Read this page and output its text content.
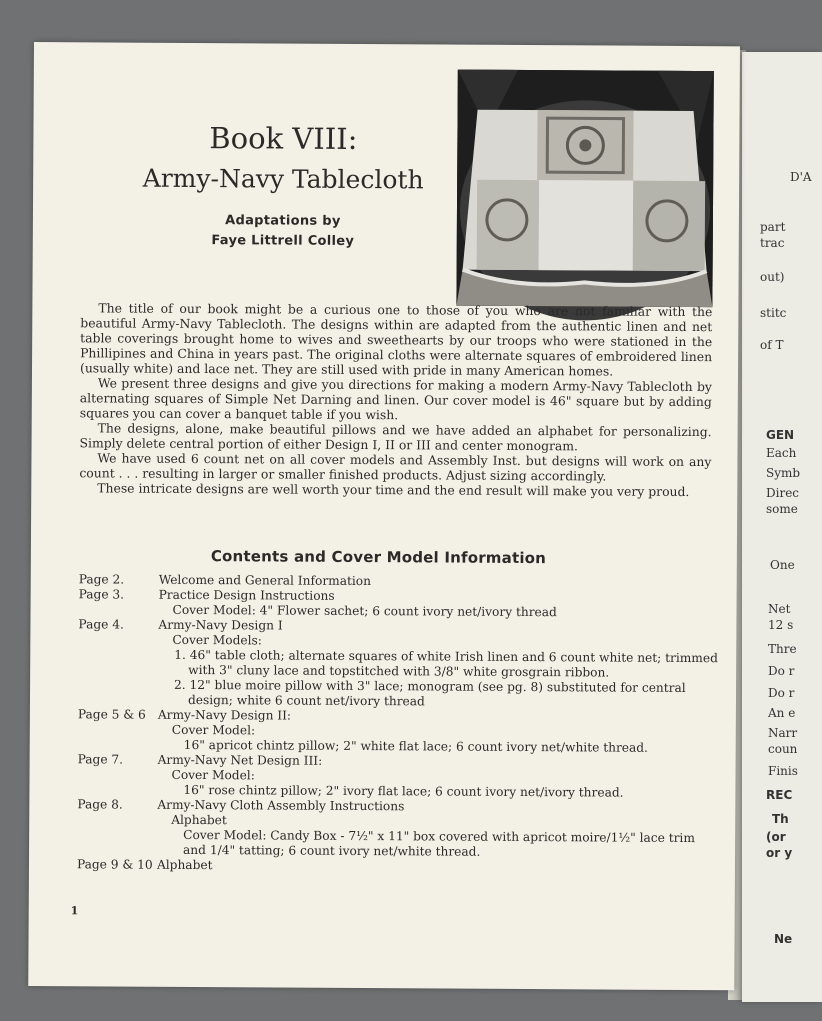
D'A
part
trac
out)
stitc
of T
GEN
Each
Symb
Direc
some
One
Net
12 s
Thre
Do r
Do r
An e
Narr
coun
Finis
REC
Th
(or
or y
Ne
Book VIII:
Army-Navy Tablecloth
Adaptations by
Faye Littrell Colley

The title of our book might be a curious one to those of you who are not familiar with the beautiful Army-Navy Tablecloth. The designs within are adapted from the authentic linen and net table coverings brought home to wives and sweethearts by our troops who were stationed in the Phillipines and China in years past. The original cloths were alternate squares of embroidered linen (usually white) and lace net. They are still used with pride in many American homes.

We present three designs and give you directions for making a modern Army-Navy Tablecloth by alternating squares of Simple Net Darning and linen. Our cover model is 46" square but by adding squares you can cover a banquet table if you wish.

The designs, alone, make beautiful pillows and we have added an alphabet for personalizing. Simply delete central portion of either Design I, II or III and center monogram.

We have used 6 count net on all cover models and Assembly Inst. but designs will work on any count . . . resulting in larger or smaller finished products. Adjust sizing accordingly.

These intricate designs are well worth your time and the end result will make you very proud.

Contents and Cover Model Information
Page 2.	Welcome and General Information
Page 3.	Practice Design Instructions
Cover Model: 4" Flower sachet; 6 count ivory net/ivory thread
Page 4.	Army-Navy Design I
Cover Models:
1. 46" table cloth; alternate squares of white Irish linen and 6 count white net; trimmed with 3" cluny lace and topstitched with 3/8" white grosgrain ribbon.
2. 12" blue moire pillow with 3" lace; monogram (see pg. 8) substituted for central design; white 6 count net/ivory thread
Page 5 & 6 Army-Navy Design II:
Cover Model:
16" apricot chintz pillow; 2" white flat lace; 6 count ivory net/white thread.
Page 7.	Army-Navy Net Design III:
Cover Model:
16" rose chintz pillow; 2" ivory flat lace; 6 count ivory net/ivory thread.
Page 8.	Army-Navy Cloth Assembly Instructions
Alphabet
Cover Model: Candy Box - 7½" x 11" box covered with apricot moire/1½" lace trim and 1/4" tatting; 6 count ivory net/white thread.
Page 9 & 10 Alphabet
1
